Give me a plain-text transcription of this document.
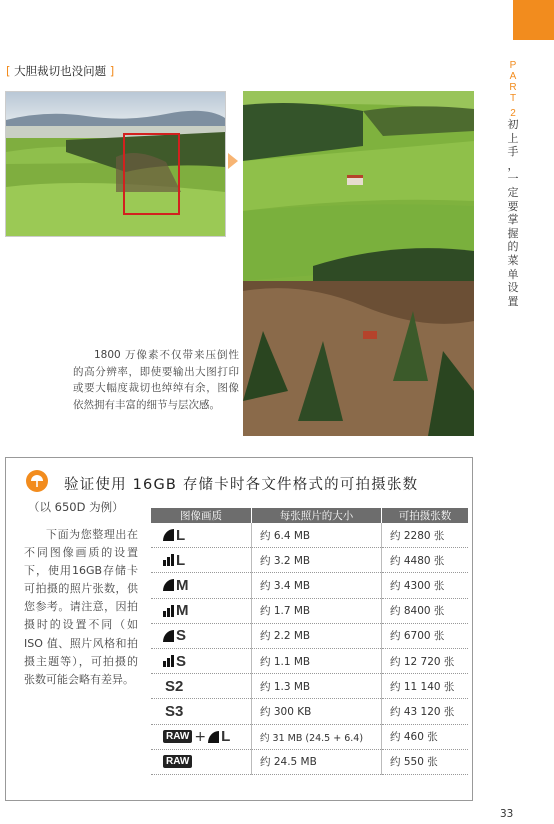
P
A
R
T
2
初
上
手
，
一
定
要
掌
握
的
菜
单
设
置
[ 大胆裁切也没问题 ]
1800 万像素不仅带来压倒性的高分辨率，即使要输出大图打印或要大幅度裁切也绰绰有余，图像依然拥有丰富的细节与层次感。
验证使用 16GB 存储卡时各文件格式的可拍摄张数
（以 650D 为例）
下面为您整理出在不同图像画质的设置下，使用16GB存储卡可拍摄的照片张数，供您参考。请注意，因拍摄时的设置不同（如 ISO 值、照片风格和拍摄主题等），可拍摄的张数可能会略有差异。
图像画质	每张照片的大小	可拍摄张数
L	约 6.4 MB	约 2280 张
L	约 3.2 MB	约 4480 张
M	约 3.4 MB	约 4300 张
M	约 1.7 MB	约 8400 张
S	约 2.2 MB	约 6700 张
S	约 1.1 MB	约 12 720 张
S2	约 1.3 MB	约 11 140 张
S3	约 300 KB	约 43 120 张
RAW + L	约 31 MB (24.5 + 6.4)	约 460 张
RAW	约 24.5 MB	约 550 张
33
